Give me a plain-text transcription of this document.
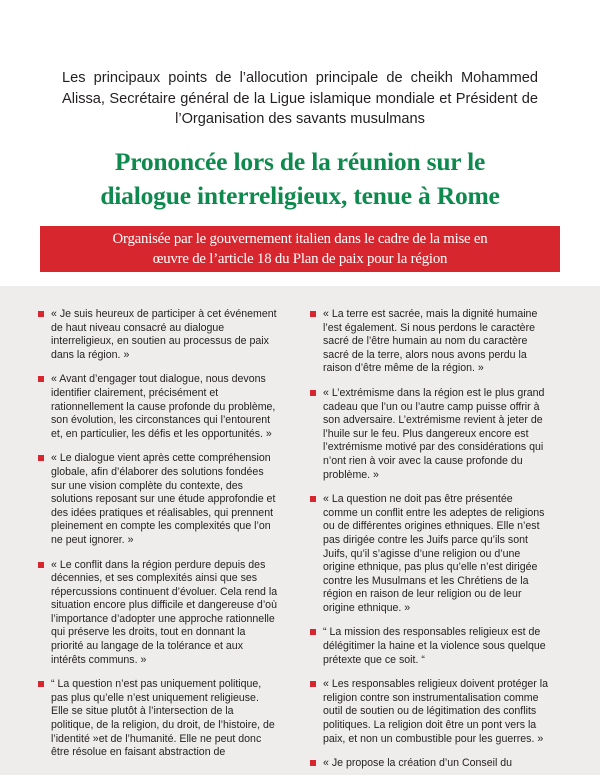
Les principaux points de l’allocution principale de cheikh Mohammed Alissa, Secrétaire général de la Ligue islamique mondiale et Président de l’Organisation des savants musulmans
Prononcée lors de la réunion sur le
dialogue interreligieux, tenue à Rome
Organisée par le gouvernement italien dans le cadre de la mise en
œuvre de l’article 18 du Plan de paix pour la région
« Je suis heureux de participer à cet événement de haut niveau consacré au dialogue interreligieux, en soutien au processus de paix dans la région. »
« Avant d’engager tout dialogue, nous devons identifier clairement, précisément et rationnellement la cause profonde du problème, son évolution, les circonstances qui l’entourent et, en particulier, les défis et les opportunités. »
« Le dialogue vient après cette compréhension globale, afin d’élaborer des solutions fondées sur une vision complète du contexte, des solutions reposant sur une étude approfondie et des idées pratiques et réalisables, qui prennent pleinement en compte les complexités que l’on ne peut ignorer. »
« Le conflit dans la région perdure depuis des décennies, et ses complexités ainsi que ses répercussions continuent d’évoluer. Cela rend la situation encore plus difficile et dangereuse d’où l’importance d’adopter une approche rationnelle qui préserve les droits, tout en donnant la priorité au langage de la tolérance et aux intérêts communs. »
“ La question n’est pas uniquement politique, pas plus qu’elle n’est uniquement religieuse. Elle se situe plutôt à l’intersection de la politique, de la religion, du droit, de l’histoire, de l’identité »et de l’humanité. Elle ne peut donc être résolue en faisant abstraction de
« La terre est sacrée, mais la dignité humaine l’est également. Si nous perdons le caractère sacré de l’être humain au nom du caractère sacré de la terre, alors nous avons perdu la raison d’être même de la région. »
« L’extrémisme dans la région est le plus grand cadeau que l’un ou l’autre camp puisse offrir à son adversaire. L’extrémisme revient à jeter de l’huile sur le feu. Plus dangereux encore est l’extrémisme motivé par des considérations qui n’ont rien à voir avec la cause profonde du problème. »
« La question ne doit pas être présentée comme un conflit entre les adeptes de religions ou de différentes origines ethniques. Elle n’est pas dirigée contre les Juifs parce qu’ils sont Juifs, qu’il s’agisse d’une religion ou d’une origine ethnique, pas plus qu’elle n’est dirigée contre les Musulmans et les Chrétiens de la région en raison de leur religion ou de leur origine ethnique. »
“ La mission des responsables religieux est de délégitimer la haine et la violence sous quelque prétexte que ce soit. “
« Les responsables religieux doivent protéger la religion contre son instrumentalisation comme outil de soutien ou de légitimation des conflits politiques. La religion doit être un pont vers la paix, et non un combustible pour les guerres. »
« Je propose la création d’un Conseil du
